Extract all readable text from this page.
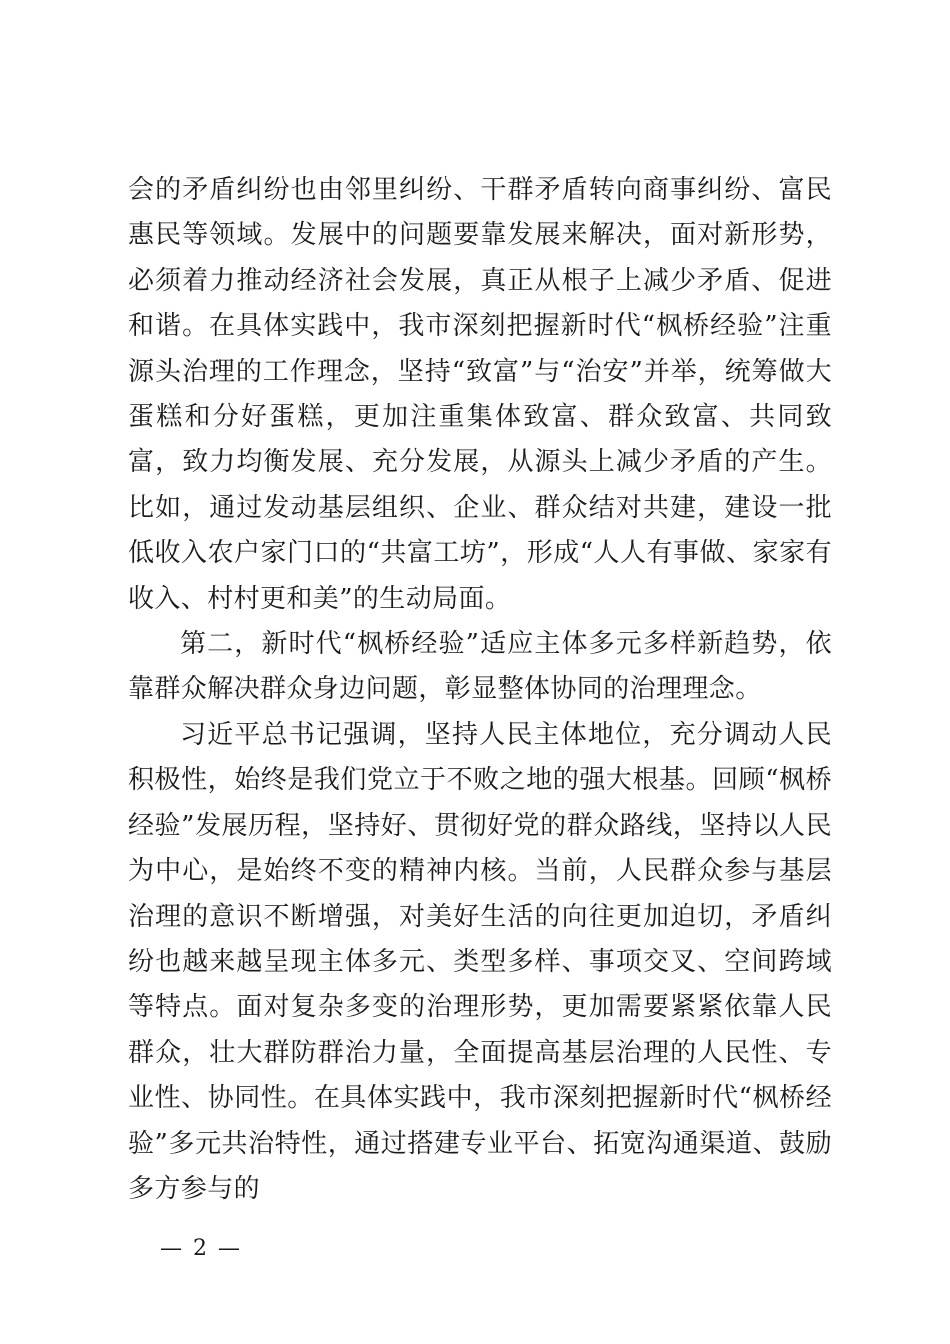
会的矛盾纠纷也由邻里纠纷、干群矛盾转向商事纠纷、富民惠民等领域。发展中的问题要靠发展来解决，面对新形势，必须着力推动经济社会发展，真正从根子上减少矛盾、促进和谐。在具体实践中，我市深刻把握新时代“枫桥经验”注重源头治理的工作理念，坚持“致富”与“治安”并举，统筹做大蛋糕和分好蛋糕，更加注重集体致富、群众致富、共同致富，致力均衡发展、充分发展，从源头上减少矛盾的产生。比如，通过发动基层组织、企业、群众结对共建，建设一批低收入农户家门口的“共富工坊”，形成“人人有事做、家家有收入、村村更和美”的生动局面。

第二，新时代“枫桥经验”适应主体多元多样新趋势，依靠群众解决群众身边问题，彰显整体协同的治理理念。

习近平总书记强调，坚持人民主体地位，充分调动人民积极性，始终是我们党立于不败之地的强大根基。回顾“枫桥经验”发展历程，坚持好、贯彻好党的群众路线，坚持以人民为中心，是始终不变的精神内核。当前，人民群众参与基层治理的意识不断增强，对美好生活的向往更加迫切，矛盾纠纷也越来越呈现主体多元、类型多样、事项交叉、空间跨域等特点。面对复杂多变的治理形势，更加需要紧紧依靠人民群众，壮大群防群治力量，全面提高基层治理的人民性、专业性、协同性。在具体实践中，我市深刻把握新时代“枫桥经验”多元共治特性，通过搭建专业平台、拓宽沟通渠道、鼓励多方参与的

— 2 —
